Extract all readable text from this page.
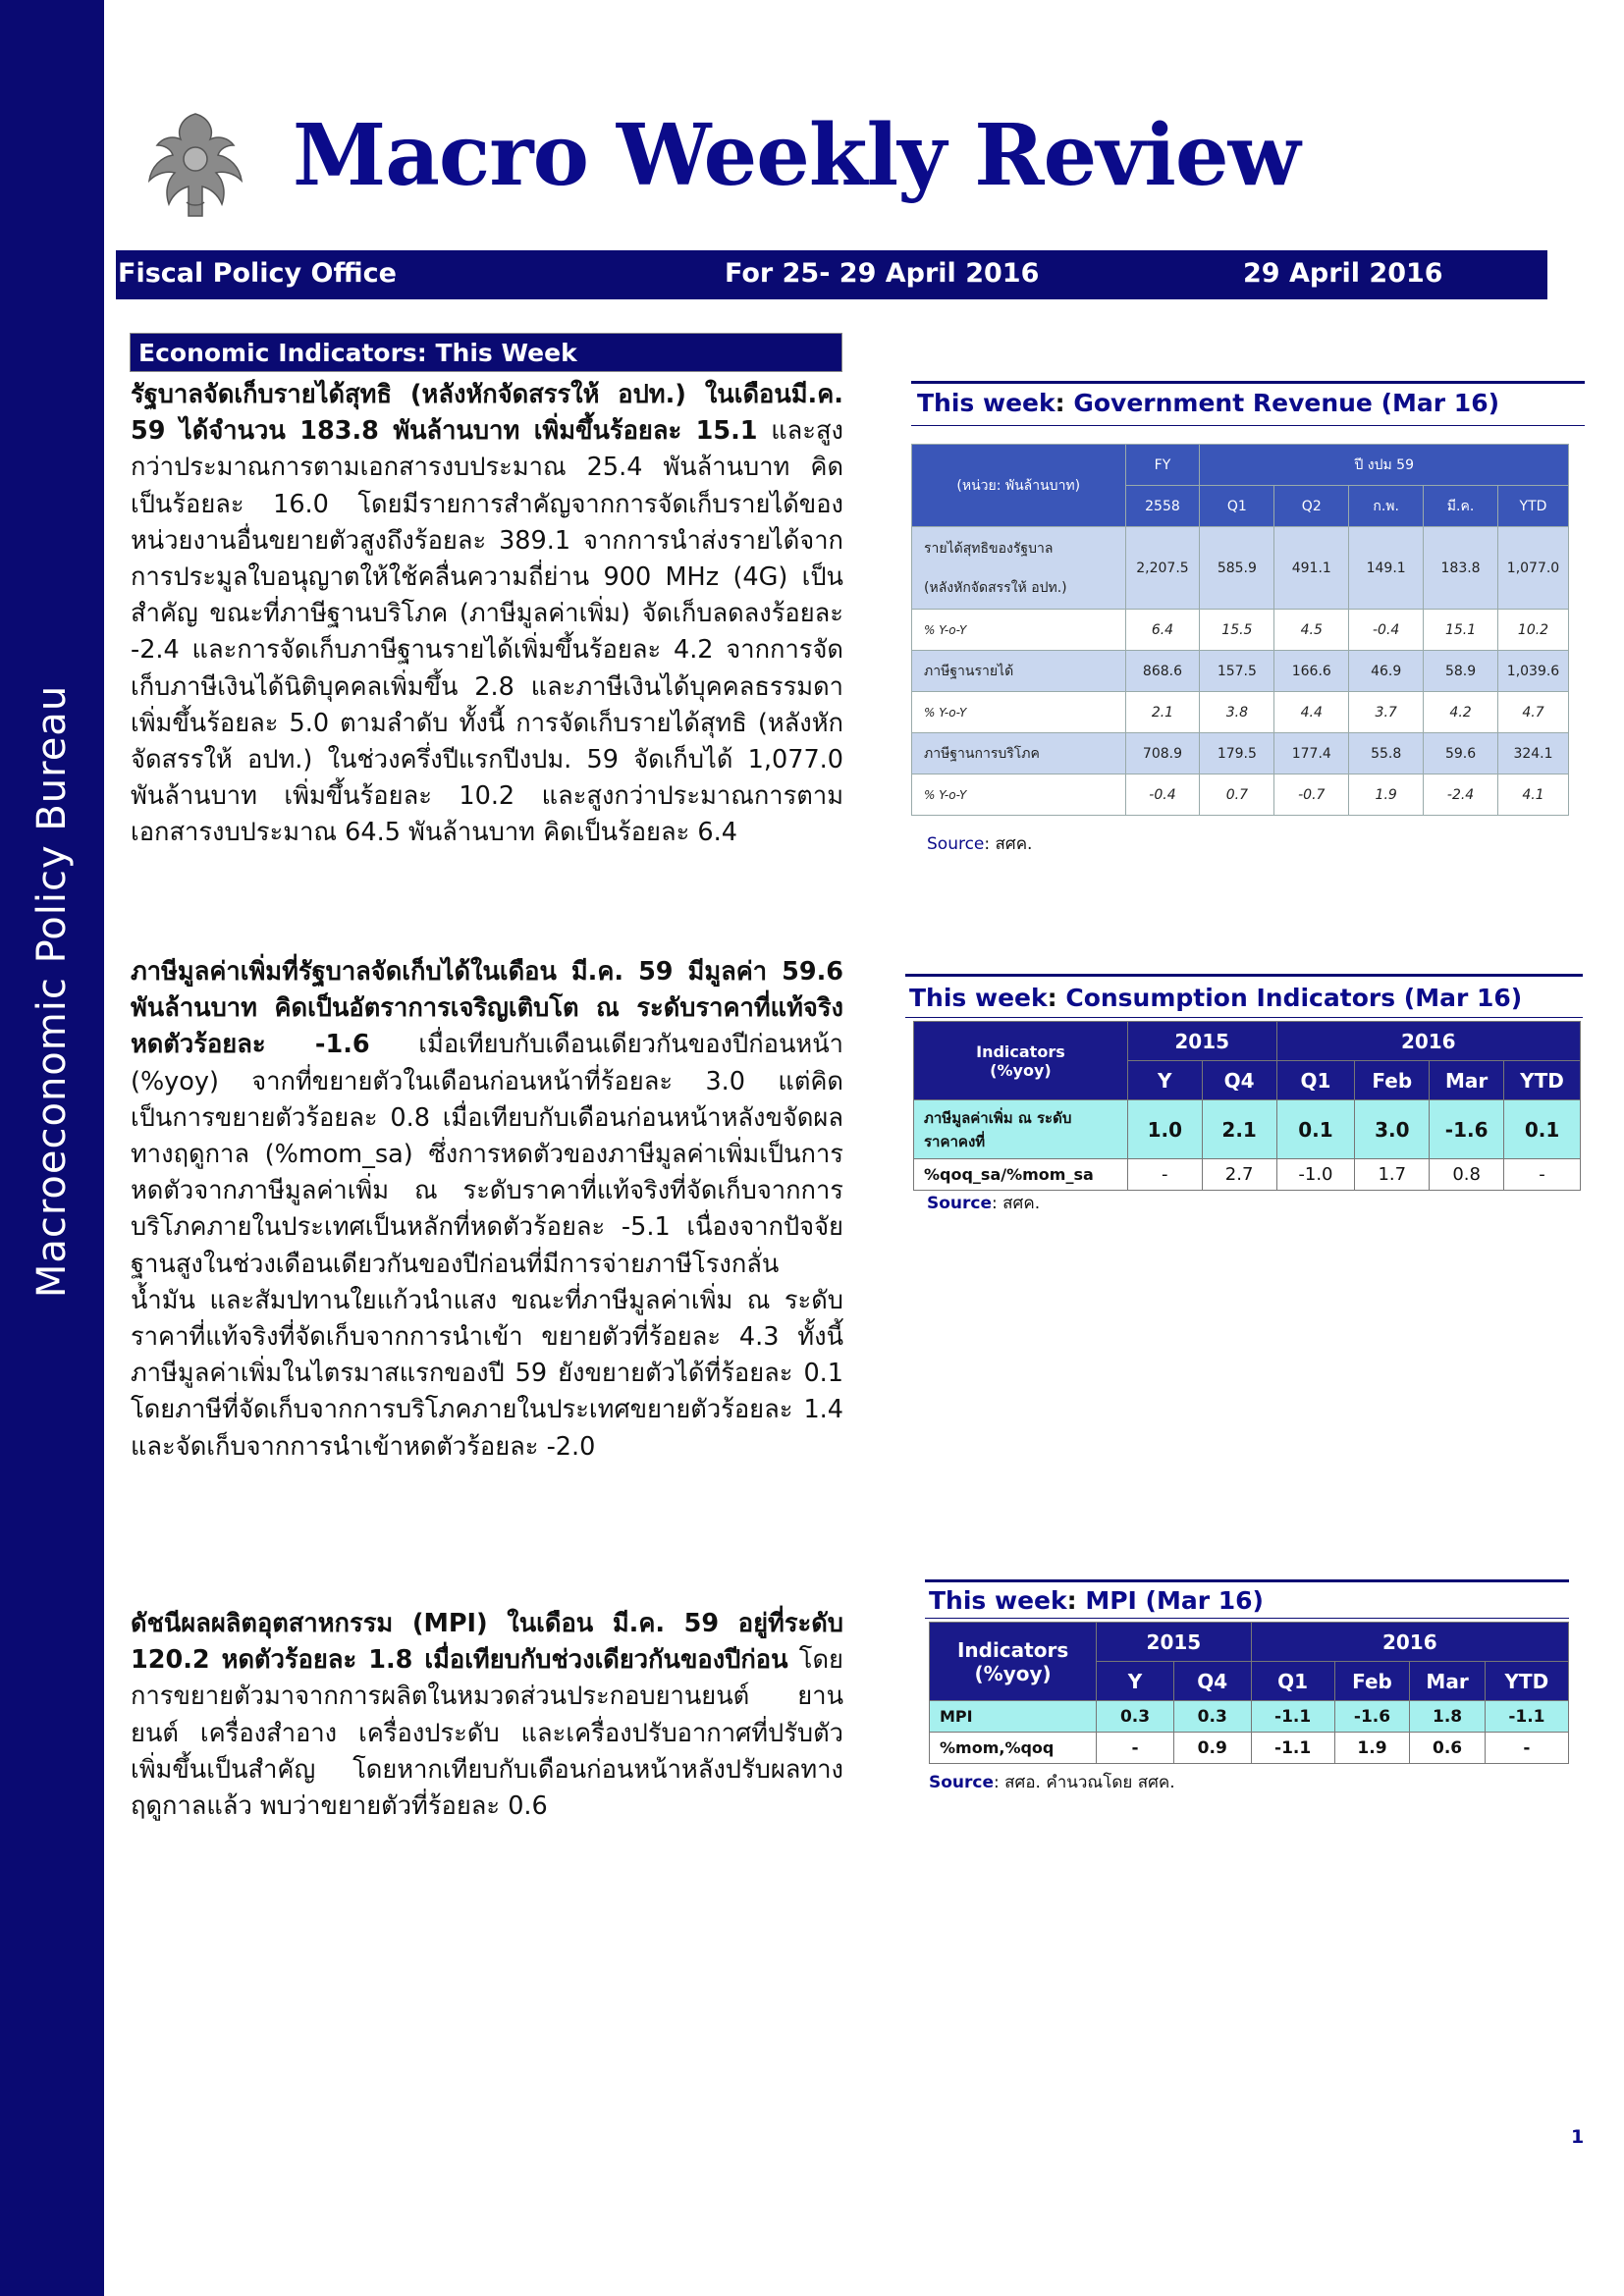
Macroeconomic Policy Bureau
Macro Weekly Review
Fiscal Policy Office	For 25- 29 April 2016	29 April 2016
Economic Indicators: This Week

รัฐบาลจัดเก็บรายได้สุทธิ (หลังหักจัดสรรให้ อปท.) ในเดือนมี.ค. 59 ได้จำนวน 183.8 พันล้านบาท เพิ่มขึ้นร้อยละ 15.1 และสูงกว่าประมาณการตามเอกสารงบประมาณ 25.4 พันล้านบาท คิดเป็นร้อยละ 16.0 โดยมีรายการสำคัญจากการจัดเก็บรายได้ของหน่วยงานอื่นขยายตัวสูงถึงร้อยละ 389.1 จากการนำส่งรายได้จากการประมูลใบอนุญาตให้ใช้คลื่นความถี่ย่าน 900 MHz (4G) เป็นสำคัญ ขณะที่ภาษีฐานบริโภค (ภาษีมูลค่าเพิ่ม) จัดเก็บลดลงร้อยละ -2.4 และการจัดเก็บภาษีฐานรายได้เพิ่มขึ้นร้อยละ 4.2 จากการจัดเก็บภาษีเงินได้นิติบุคคลเพิ่มขึ้น 2.8 และภาษีเงินได้บุคคลธรรมดาเพิ่มขึ้นร้อยละ 5.0 ตามลำดับ ทั้งนี้ การจัดเก็บรายได้สุทธิ (หลังหักจัดสรรให้ อปท.) ในช่วงครึ่งปีแรกปีงปม. 59 จัดเก็บได้ 1,077.0 พันล้านบาท เพิ่มขึ้นร้อยละ 10.2 และสูงกว่าประมาณการตามเอกสารงบประมาณ 64.5 พันล้านบาท คิดเป็นร้อยละ 6.4

ภาษีมูลค่าเพิ่มที่รัฐบาลจัดเก็บได้ในเดือน มี.ค. 59 มีมูลค่า 59.6 พันล้านบาท คิดเป็นอัตราการเจริญเติบโต ณ ระดับราคาที่แท้จริง หดตัวร้อยละ -1.6 เมื่อเทียบกับเดือนเดียวกันของปีก่อนหน้า (%yoy) จากที่ขยายตัวในเดือนก่อนหน้าที่ร้อยละ 3.0 แต่คิดเป็นการขยายตัวร้อยละ 0.8 เมื่อเทียบกับเดือนก่อนหน้าหลังขจัดผลทางฤดูกาล (%mom_sa) ซึ่งการหดตัวของภาษีมูลค่าเพิ่มเป็นการหดตัวจากภาษีมูลค่าเพิ่ม ณ ระดับราคาที่แท้จริงที่จัดเก็บจากการบริโภคภายในประเทศเป็นหลักที่หดตัวร้อยละ -5.1 เนื่องจากปัจจัยฐานสูงในช่วงเดือนเดียวกันของปีก่อนที่มีการจ่ายภาษีโรงกลั่นน้ำมัน และสัมปทานใยแก้วนำแสง ขณะที่ภาษีมูลค่าเพิ่ม ณ ระดับราคาที่แท้จริงที่จัดเก็บจากการนำเข้า ขยายตัวที่ร้อยละ 4.3 ทั้งนี้ภาษีมูลค่าเพิ่มในไตรมาสแรกของปี 59 ยังขยายตัวได้ที่ร้อยละ 0.1 โดยภาษีที่จัดเก็บจากการบริโภคภายในประเทศขยายตัวร้อยละ 1.4 และจัดเก็บจากการนำเข้าหดตัวร้อยละ -2.0

ดัชนีผลผลิตอุตสาหกรรม (MPI) ในเดือน มี.ค. 59 อยู่ที่ระดับ 120.2 หดตัวร้อยละ 1.8 เมื่อเทียบกับช่วงเดียวกันของปีก่อน โดยการขยายตัวมาจากการผลิตในหมวดส่วนประกอบยานยนต์ ยานยนต์ เครื่องสำอาง เครื่องประดับ และเครื่องปรับอากาศที่ปรับตัวเพิ่มขึ้นเป็นสำคัญ โดยหากเทียบกับเดือนก่อนหน้าหลังปรับผลทางฤดูกาลแล้ว พบว่าขยายตัวที่ร้อยละ 0.6

This week: Government Revenue (Mar 16)
(หน่วย: พันล้านบาท)	FY	ปี งปม 59				
	2558	Q1	Q2	ก.พ.	มี.ค.	YTD
รายได้สุทธิของรัฐบาล
(หลังหักจัดสรรให้ อปท.)	2,207.5	585.9	491.1	149.1	183.8	1,077.0
% Y-o-Y	6.4	15.5	4.5	-0.4	15.1	10.2
ภาษีฐานรายได้	868.6	157.5	166.6	46.9	58.9	1,039.6
% Y-o-Y	2.1	3.8	4.4	3.7	4.2	4.7
ภาษีฐานการบริโภค	708.9	179.5	177.4	55.8	59.6	324.1
% Y-o-Y	-0.4	0.7	-0.7	1.9	-2.4	4.1
Source: สศค.
This week: Consumption Indicators (Mar 16)
Indicators
(%yoy)	2015		2016			
	Y	Q4	Q1	Feb	Mar	YTD
ภาษีมูลค่าเพิ่ม ณ ระดับ
ราคาคงที่	1.0	2.1	0.1	3.0	-1.6	0.1
%qoq_sa/%mom_sa	-	2.7	-1.0	1.7	0.8	-
Source: สศค.
This week: MPI (Mar 16)
Indicators
(%yoy)	2015		2016			
	Y	Q4	Q1	Feb	Mar	YTD
MPI	0.3	0.3	-1.1	-1.6	1.8	-1.1
%mom,%qoq	-	0.9	-1.1	1.9	0.6	-
Source: สศอ. คำนวณโดย สศค.
1
